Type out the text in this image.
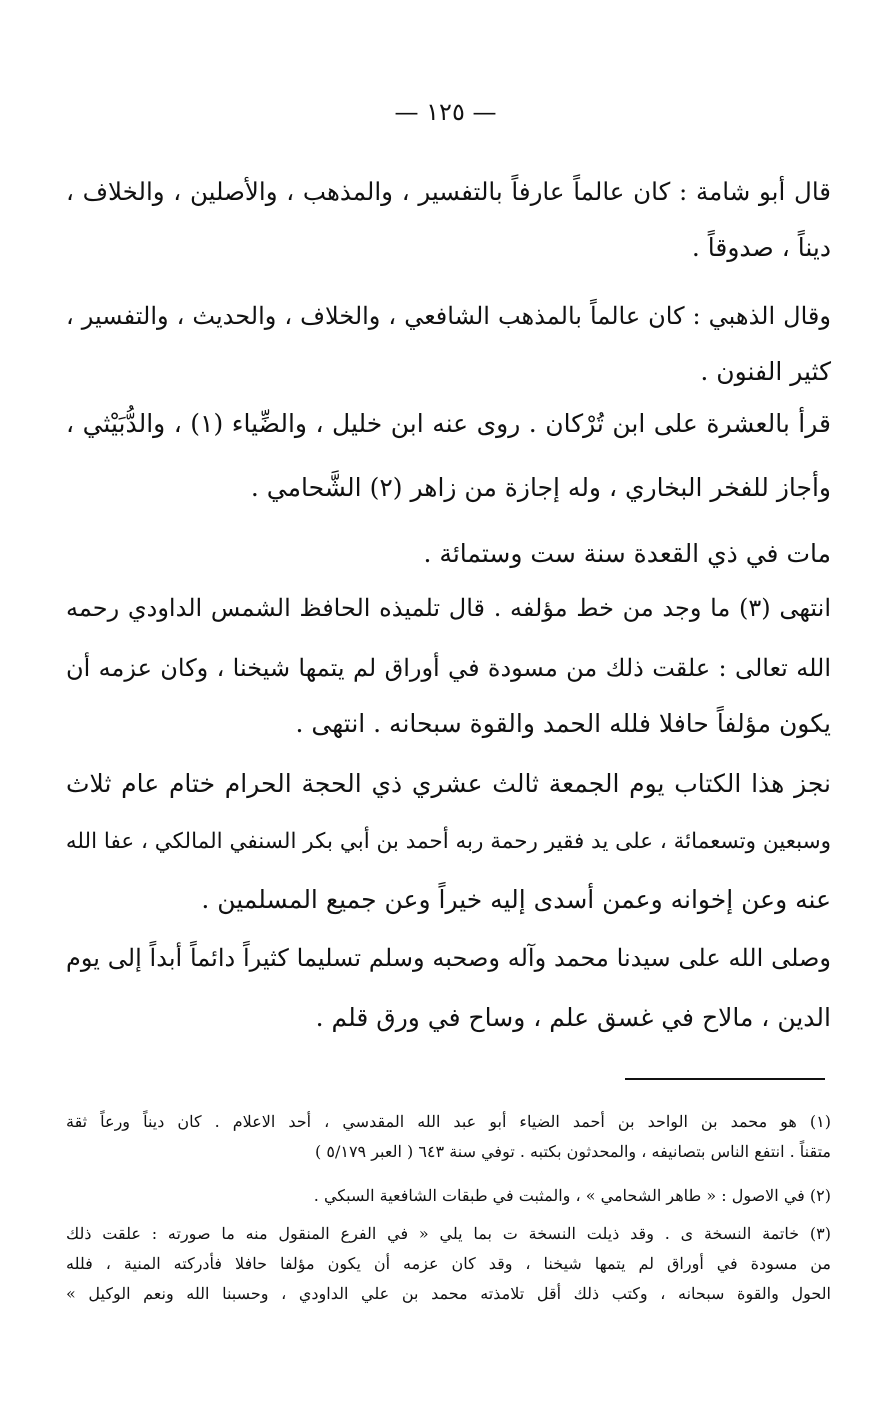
— ١٢٥ —
قال أبو شامة : كان عالماً عارفاً بالتفسير ، والمذهب ، والأصلين ، والخلاف ،
ديناً ، صدوقاً .
وقال الذهبي : كان عالماً بالمذهب الشافعي ، والخلاف ، والحديث ، والتفسير ،
كثير الفنون .
قرأ بالعشرة على ابن تُرْكان . روى عنه ابن خليل ، والضِّياء (١) ، والدُّبَيْثي ،
وأجاز للفخر البخاري ، وله إجازة من زاهر (٢) الشَّحامي .
مات في ذي القعدة سنة ست وستمائة .
انتهى (٣) ما وجد من خط مؤلفه . قال تلميذه الحافظ الشمس الداودي رحمه
الله تعالى : علقت ذلك من مسودة في أوراق لم يتمها شيخنا ، وكان عزمه أن
يكون مؤلفاً حافلا فلله الحمد والقوة سبحانه . انتهى .
نجز هذا الكتاب يوم الجمعة ثالث عشري ذي الحجة الحرام ختام عام ثلاث
وسبعين وتسعمائة ، على يد فقير رحمة ربه أحمد بن أبي بكر السنفي المالكي ، عفا الله
عنه وعن إخوانه وعمن أسدى إليه خيراً وعن جميع المسلمين .
وصلى الله على سيدنا محمد وآله وصحبه وسلم تسليما كثيراً دائماً أبداً إلى يوم
الدين ، مالاح في غسق علم ، وساح في ورق قلم .
(١) هو محمد بن الواحد بن أحمد الضياء أبو عبد الله المقدسي ، أحد الاعلام . كان ديناً ورعاً ثقة
متقناً . انتفع الناس بتصانيفه ، والمحدثون بكتبه . توفي سنة ٦٤٣ ( العبر ٥/١٧٩ )
(٢) في الاصول : « طاهر الشحامي » ، والمثبت في طبقات الشافعية السبكي .
(٣) خاتمة النسخة ى . وقد ذيلت النسخة ت بما يلي « في الفرع المنقول منه ما صورته : علقت ذلك
من مسودة في أوراق لم يتمها شيخنا ، وقد كان عزمه أن يكون مؤلفا حافلا فأدركته المنية ، فلله
الحول والقوة سبحانه ، وكتب ذلك أقل تلامذته محمد بن علي الداودي ، وحسبنا الله ونعم الوكيل »
